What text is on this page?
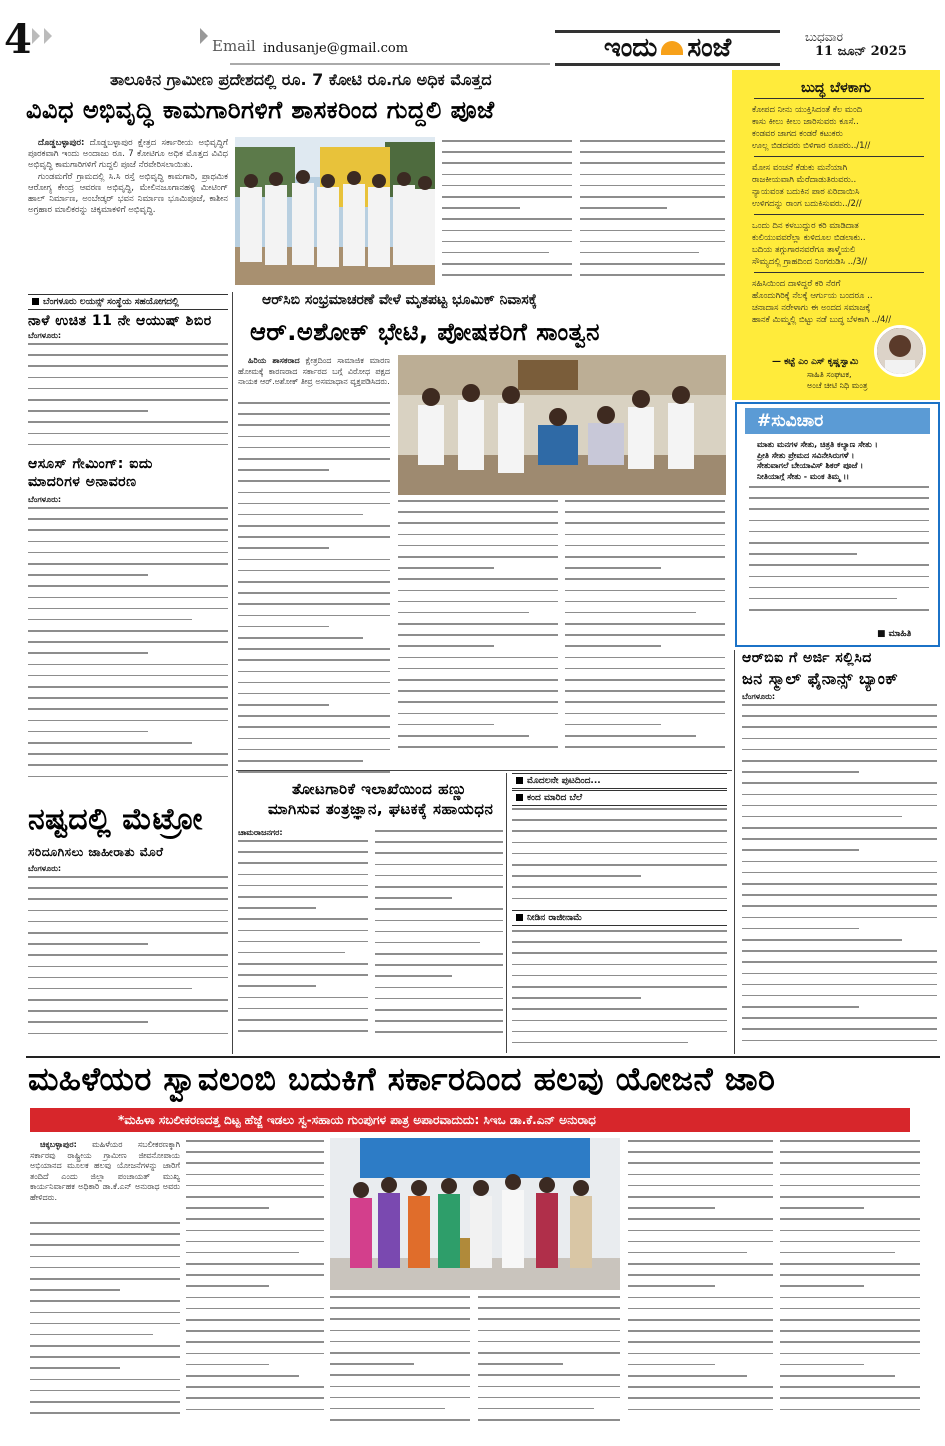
4	Email indusanje@gmail.com	ಇಂದು ಸಂಜೆ	ಬುಧವಾರ
11 ಜೂನ್ 2025
ತಾಲೂಕಿನ ಗ್ರಾಮೀಣ ಪ್ರದೇಶದಲ್ಲಿ ರೂ. 7 ಕೋಟಿ ರೂ.ಗೂ ಅಧಿಕ ಮೊತ್ತದ
ವಿವಿಧ ಅಭಿವೃದ್ಧಿ ಕಾಮಗಾರಿಗಳಿಗೆ ಶಾಸಕರಿಂದ ಗುದ್ದಲಿ ಪೂಜೆ

ದೊಡ್ಡಬಳ್ಳಾಪುರ: ದೊಡ್ಡಬಳ್ಳಾಪುರ ಕ್ಷೇತ್ರದ ಸರ್ಕಾರೀಯ ಅಭಿವೃದ್ಧಿಗೆ ಪೂರಕವಾಗಿ ಇಂದು ಅಂದಾಜು ರೂ. 7 ಕೋಟಿಗೂ ಅಧಿಕ ಮೊತ್ತದ ವಿವಿಧ ಅಭಿವೃದ್ಧಿ ಕಾಮಗಾರಿಗಳಿಗೆ ಗುದ್ದಲಿ ಪೂಜೆ ನೆರವೇರಿಸಲಾಯಿತು.

ಗುಂಡಮಗೆರೆ ಗ್ರಾಮದಲ್ಲಿ ಸಿ.ಸಿ ರಸ್ತೆ ಅಭಿವೃದ್ಧಿ ಕಾಮಗಾರಿ, ಪ್ರಾಥಮಿಕ ಆರೋಗ್ಯ ಕೇಂದ್ರ ಆವರಣ ಅಭಿವೃದ್ಧಿ, ಮೇಲಿನಜೂಗಾನಹಳ್ಳಿ ಮೀಟಿಂಗ್ ಹಾಲ್ ನಿರ್ಮಾಣ, ಅಂಬೇಡ್ಕರ್ ಭವನ ನಿರ್ಮಾಣ ಭೂಮಿಪೂಜೆ, ಕಾಶೀನ ಅಗ್ರಹಾರ ಮಾಲಿಕರನ್ನು ಚಿಕ್ಕಮಾಕಳಿಗೆ ಅಭಿವೃದ್ಧಿ.

ಬುದ್ಧ ಬೆಳಕಾಗು
ಕೋಪದ ನೀನು ಯುಕ್ತಿಸಿದಂತೆ ಕೆಲ ಮಂದಿ
ಕಾಸು ಕೀಲು ಕೀಲು ಜಾರಿಸುವರು ಕೂಸೆ..
ಕಂಡವರ ಜಾಗದ ಕಂಡರೆ ಕಟುಕರು
ಊಲ್ಲ ಬಿಡದವರು ಬಿಳಿಗಾರ ರೂಪರು../1//
ಮೋಸ ವಂಚನೆ ಕೆಡುಕು ಮನೆಯಾಗಿ
ರಾಜಕೀಯವಾಗಿ ಮೆರೆದಾಡುತಿರುವರು..
ನ್ಯಾಯವಂತ ಬದುಕಿನ ಪಾಠ ಏರಿದಾಯಿಸಿ
ಉಳಿಗದನ್ನು ರಾಂಗ ಬದುಕಿಸುವರು../2//
ಒಂದು ದಿನ ಕಳಬುದ್ದುರ ಕರಿ ಮಾಡಿದಾತ
ಕುಲಿಯುವವರೆಲ್ಲಾ ಕುಳಿದೂಲ ಬಿಡಲಾಕು..
ಬದಿಯ ತಗ್ಗುಗಾರನವರೆಗೂ ತಾಳ್ಮೆಯಲಿ
ಸೌಮ್ಯದಲ್ಲಿ ಗ್ರಾಹದಿಂದ ನಿಂಗರುಡಿಸಿ ../3//
ಸಹಿಸಿಯಿಂದ ದಾಳಿದ್ದರೆ ಕರಿ ನೆರಗೆ
ಹೊಂದುಗಿರಿಕ್ಕೆ ನೆಲಕ್ಕೆ ಆರ್ಗುಯ ಬಂದರೂ ..
ಚನಾದಾಸ ನರೇಳಾಗು ಈ ಅಂದದ ಸಮಾಜಕ್ಕೆ
ಹಾನಕೆ ಮಿಮ್ಮಲ್ಲಿ ಬಿಟ್ಟು ನಡೆ ಬುದ್ಧ ಬೆಳಕಾಗಿ ../4//
— ಕಟ್ಟೆ ಎಂ ಎಸ್ ಕೃಷ್ಣಸ್ವಾಮಿ
ಸಾಹಿತಿ ಸಂಘಟಕ,
ಅಂಚೆ ಚೀಟಿ ನಿಧಿ ಮಂತ್ರ
#ಸುವಿಚಾರ
ಮಾತು ಮನಗಳ ಸೇತು, ಚಿತ್ರತಿ ಕಲ್ಯಾಣ ಸೇತು ।
ಪ್ರೀತಿ ಸೇತು ಪ್ರೇಮದ ಸವಿನೇಸಿರುಗಳೆ ।
ಸೇತುವಾಗಲೆ ಬೇಯಾವಿಸ್ ಶಿಕರ್ ಪೂಜೆ ।
ನೀತಿಯಾಗ್ಗೆ ಸೇತು - ಮಂಕ ತಿಮ್ಮ ।।
■ ಮಾಹಿತಿ
ಬೆಂಗಳೂರು ಲಯನ್ಸ್ ಸಂಸ್ಥೆಯ ಸಹಯೋಗದಲ್ಲಿ
ನಾಳೆ ಉಚಿತ 11 ನೇ ಆಯುಷ್ ಶಿಬಿರ
ಬೆಂಗಳೂರು:
ಆಸೂಸ್ ಗೇಮಿಂಗ್: ಐದು
ಮಾದರಿಗಳ ಅನಾವರಣ
ಬೆಂಗಳೂರು:
ನಷ್ಟದಲ್ಲಿ ಮೆಟ್ರೋ
ಸರಿದೂಗಿಸಲು ಜಾಹೀರಾತು ಮೊರೆ
ಬೆಂಗಳೂರು:
ಆರ್‌ಸಿಬಿ ಸಂಭ್ರಮಾಚರಣೆ ವೇಳೆ ಮೃತಪಟ್ಟ ಭೂಮಿಕ್ ನಿವಾಸಕ್ಕೆ
ಆರ್.ಅಶೋಕ್ ಭೇಟಿ, ಪೋಷಕರಿಗೆ ಸಾಂತ್ವನ

ಹಿರಿಯ ಶಾಸಕರಾದ ಕ್ಷೇತ್ರದಿಂದ ಸಾಮಾಜಿಕ ಮಾರಣ ಹೋಮಕ್ಕೆ ಕಾರಣರಾದ ಸರ್ಕಾರದ ಬಗ್ಗೆ ವಿರೋಧ ಪಕ್ಷದ ನಾಯಕ ಆರ್.ಅಶೋಕ್ ತೀವ್ರ ಅಸಮಾಧಾನ ವ್ಯಕ್ತಪಡಿಸಿದರು.

ತೋಟಗಾರಿಕೆ ಇಲಾಖೆಯಿಂದ ಹಣ್ಣು
ಮಾಗಿಸುವ ತಂತ್ರಜ್ಞಾನ, ಘಟಕಕ್ಕೆ ಸಹಾಯಧನ
ಚಾಮರಾಜನಗರ:
ಮೊದಲನೇ ಪುಟದಿಂದ...
ಕಂದ ಮಾರಿದ ಬೆಲೆ
ನೀಡಿನ ರಾಜೀನಾಮೆ
ಆರ್‌ಬಿಐ ಗೆ ಅರ್ಜಿ ಸಲ್ಲಿಸಿದ
ಜನ ಸ್ಮಾಲ್ ಫೈನಾನ್ಸ್ ಬ್ಯಾಂಕ್
ಬೆಂಗಳೂರು:
ಮಹಿಳೆಯರ ಸ್ವಾವಲಂಬಿ ಬದುಕಿಗೆ ಸರ್ಕಾರದಿಂದ ಹಲವು ಯೋಜನೆ ಜಾರಿ
*ಮಹಿಳಾ ಸಬಲೀಕರಣದತ್ತ ದಿಟ್ಟ ಹೆಜ್ಜೆ ಇಡಲು ಸ್ವ-ಸಹಾಯ ಗುಂಪುಗಳ ಪಾತ್ರ ಅಪಾರವಾದುದು: ಸಿಇಒ ಡಾ.ಕೆ.ಎನ್ ಅನುರಾಧ

ಚಿಕ್ಕಬಳ್ಳಾಪುರ: ಮಹಿಳೆಯರ ಸಬಲೀಕರಣಕ್ಕಾಗಿ ಸರ್ಕಾರವು ರಾಷ್ಟ್ರೀಯ ಗ್ರಾಮೀಣ ಜೀವನೋಪಾಯ ಅಭಿಯಾನದ ಮೂಲಕ ಹಲವು ಯೋಜನೆಗಳನ್ನು ಜಾರಿಗೆ ತಂದಿದೆ ಎಂದು ಜಿಲ್ಲಾ ಪಂಚಾಯತ್ ಮುಖ್ಯ ಕಾರ್ಯನಿರ್ವಾಹಕ ಅಧಿಕಾರಿ ಡಾ.ಕೆ.ಎನ್ ಅನುರಾಧ ಅವರು ಹೇಳಿದರು.
